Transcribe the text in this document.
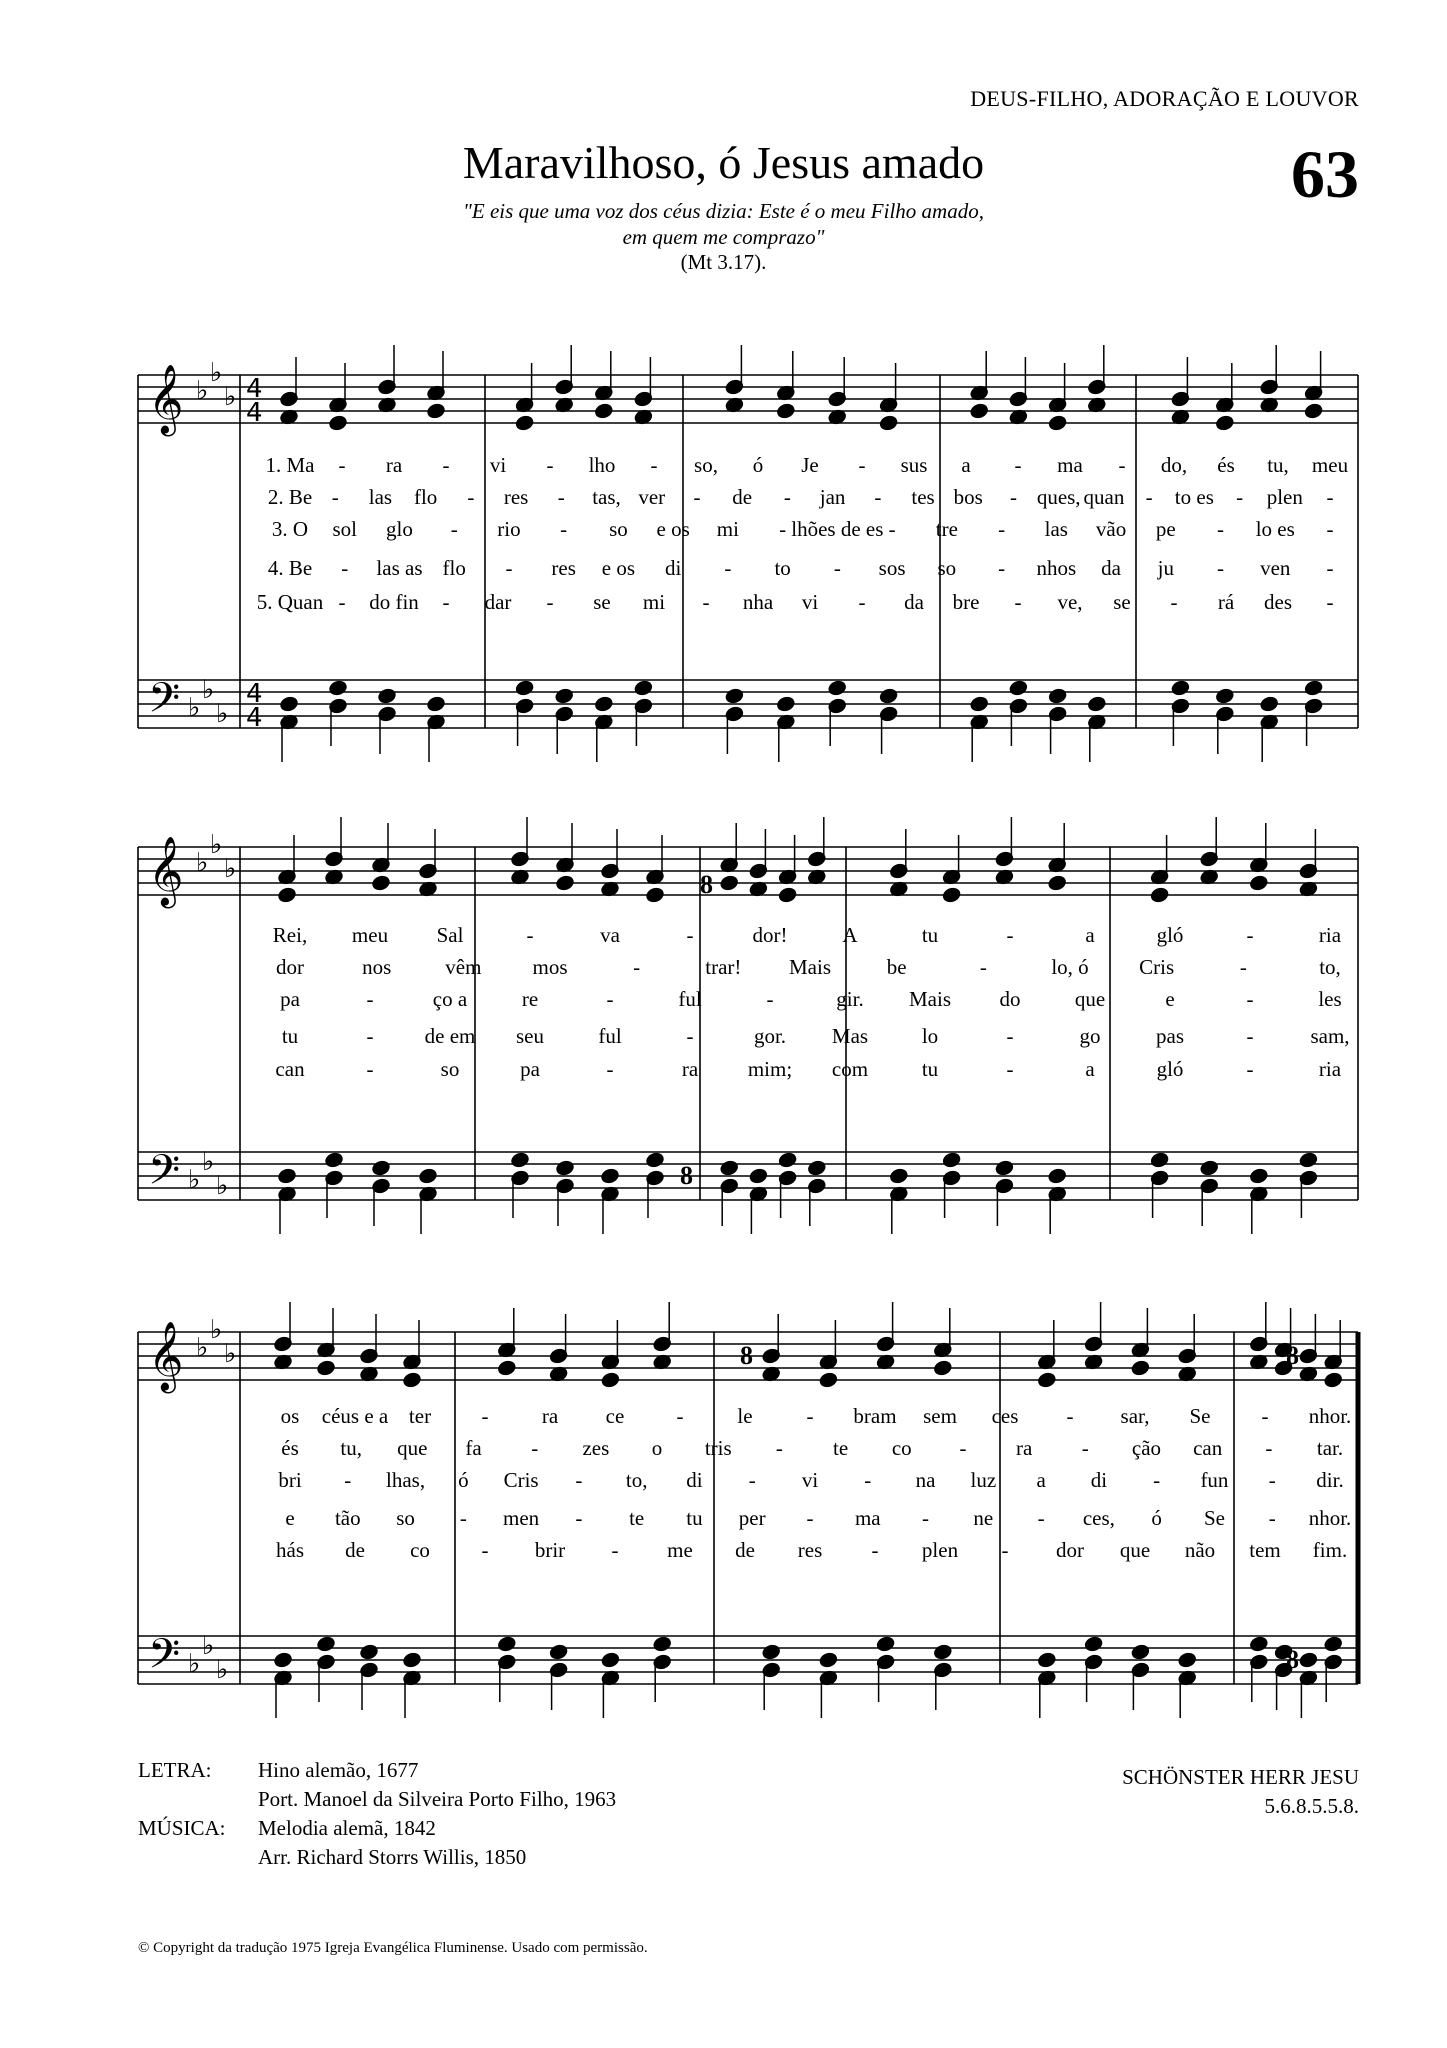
DEUS-FILHO, ADORAÇÃO E LOUVOR
63
Maravilhoso, ó Jesus amado
"E eis que uma voz dos céus dizia: Este é o meu Filho amado,
em quem me comprazo"
(Mt 3.17).
𝄞
𝄢
♭
♭
♭
♭
♭
♭
4
4
4
4
𝄞
𝄢
♭
♭
♭
♭
♭
♭
𝄞
𝄢
♭
♭
♭
♭
♭
♭
8
8	8
8
8
1. Ma - ra - vi - lho - so, ó Je - sus a - ma - do, és tu, meu
2. Be - las flo - res - tas, ver - de - jan - tes bos - ques, quan - to es - plen -
3. O sol glo - rio - so e os mi - lhões de es - tre - las vão pe - lo es -
4. Be - las as flo - res e os di - to - sos so - nhos da ju - ven -
5. Quan - do fin - dar - se mi - nha vi - da bre - ve, se - rá des -
Rei, meu Sal	-	va	-	dor!	A	tu	-	a	gló	-	ria
dor	nos	vêm mos	-	trar! Mais	be	-	lo, ó Cris	-	to,
pa	-	ço a	re	-	ful	-	gir. Mais do	que	e	-	les
tu	- de em seu	ful	-	gor. Mas	lo	-	go	pas	-	sam,
can	-	so	pa	-	ra mim; com	tu	-	a	gló	-	ria
os céus e a ter -	ra ce -	le	- bram sem ces - sar, Se - nhor.
és tu, que fa - zes o tris - te co - ra - ção can - tar.
bri - lhas, ó Cris - to, di - vi - na luz a di - fun - dir.
e tão so - men - te tu per - ma - ne - ces, ó Se - nhor.
hás de co - brir - me de res - plen - dor que não tem fim.
LETRA:	Hino alemão, 1677
Port. Manoel da Silveira Porto Filho, 1963
MÚSICA:	Melodia alemã, 1842
Arr. Richard Storrs Willis, 1850
SCHÖNSTER HERR JESU
5.6.8.5.5.8.
© Copyright da tradução 1975 Igreja Evangélica Fluminense. Usado com permissão.
